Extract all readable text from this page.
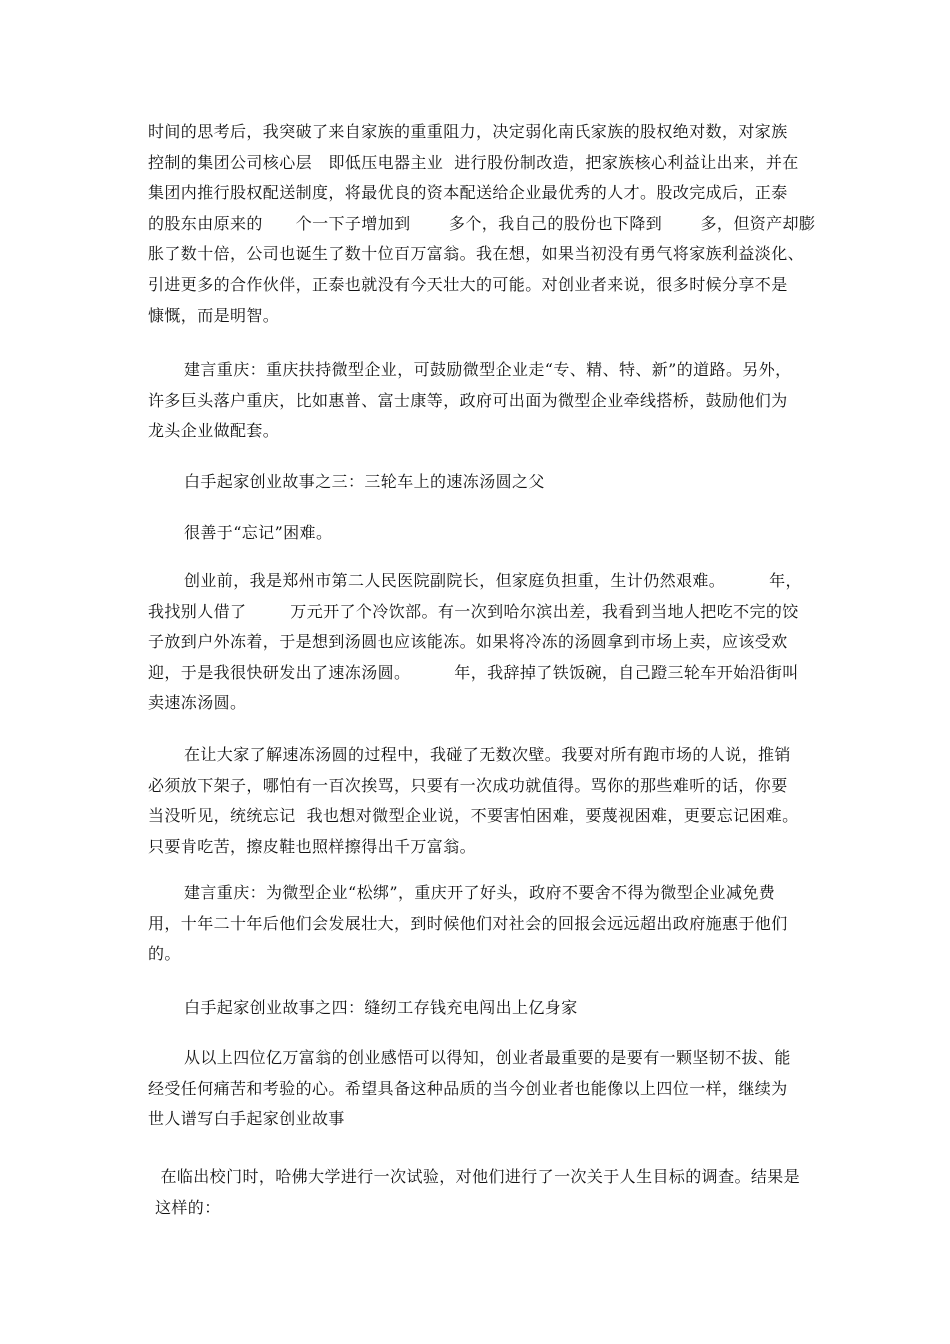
时间的思考后，我突破了来自家族的重重阻力，决定弱化南氏家族的股权绝对数，对家族
控制的集团公司核心层   即低压电器主业  进行股份制改造，把家族核心利益让出来，并在
集团内推行股权配送制度，将最优良的资本配送给企业最优秀的人才。股改完成后，正泰
的股东由原来的      个一下子增加到       多个，我自己的股份也下降到       多，但资产却膨
胀了数十倍，公司也诞生了数十位百万富翁。我在想，如果当初没有勇气将家族利益淡化、
引进更多的合作伙伴，正泰也就没有今天壮大的可能。对创业者来说，很多时候分享不是
慷慨，而是明智。
建言重庆：重庆扶持微型企业，可鼓励微型企业走“专、精、特、新”的道路。另外，
许多巨头落户重庆，比如惠普、富士康等，政府可出面为微型企业牵线搭桥，鼓励他们为
龙头企业做配套。
白手起家创业故事之三：三轮车上的速冻汤圆之父
很善于“忘记”困难。
创业前，我是郑州市第二人民医院副院长，但家庭负担重，生计仍然艰难。        年，
我找别人借了        万元开了个冷饮部。有一次到哈尔滨出差，我看到当地人把吃不完的饺
子放到户外冻着，于是想到汤圆也应该能冻。如果将冷冻的汤圆拿到市场上卖，应该受欢
迎，于是我很快研发出了速冻汤圆。        年，我辞掉了铁饭碗，自己蹬三轮车开始沿街叫
卖速冻汤圆。
在让大家了解速冻汤圆的过程中，我碰了无数次壁。我要对所有跑市场的人说，推销
必须放下架子，哪怕有一百次挨骂，只要有一次成功就值得。骂你的那些难听的话，你要
当没听见，统统忘记  我也想对微型企业说，不要害怕困难，要蔑视困难，更要忘记困难。
只要肯吃苦，擦皮鞋也照样擦得出千万富翁。
建言重庆：为微型企业“松绑”，重庆开了好头，政府不要舍不得为微型企业减免费
用，十年二十年后他们会发展壮大，到时候他们对社会的回报会远远超出政府施惠于他们
的。
白手起家创业故事之四：缝纫工存钱充电闯出上亿身家
从以上四位亿万富翁的创业感悟可以得知，创业者最重要的是要有一颗坚韧不拔、能
经受任何痛苦和考验的心。希望具备这种品质的当今创业者也能像以上四位一样，继续为
世人谱写白手起家创业故事
在临出校门时，哈佛大学进行一次试验，对他们进行了一次关于人生目标的调查。结果是
这样的：
